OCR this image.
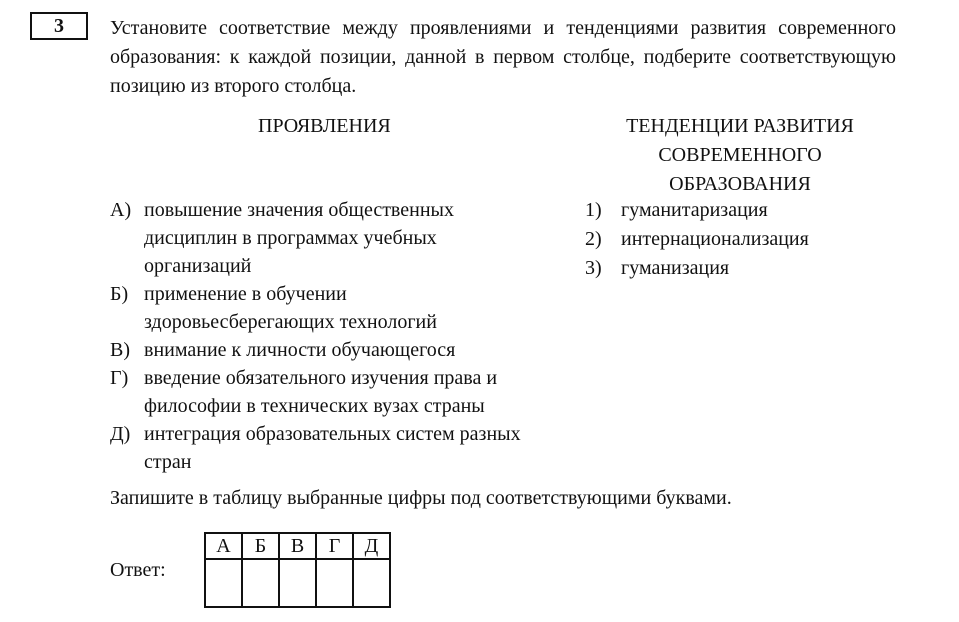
3	Установите соответствие между проявлениями и тенденциями развития современного образования: к каждой позиции, данной в первом столбце, подберите соответствующую позицию из второго столбца.

ПРОЯВЛЕНИЯ	ТЕНДЕНЦИИ РАЗВИТИЯ
СОВРЕМЕННОГО
ОБРАЗОВАНИЯ
А) повышение значения общественных дисциплин в программах учебных организаций
Б) применение в обучении здоровьесберегающих технологий
В) внимание к личности обучающегося
Г) введение обязательного изучения права и философии в технических вузах страны
Д) интеграция образовательных систем разных стран
1) гуманитаризация
2) интернационализация
3) гуманизация
Запишите в таблицу выбранные цифры под соответствующими буквами.
Ответ:
А	Б	В	Г	Д
